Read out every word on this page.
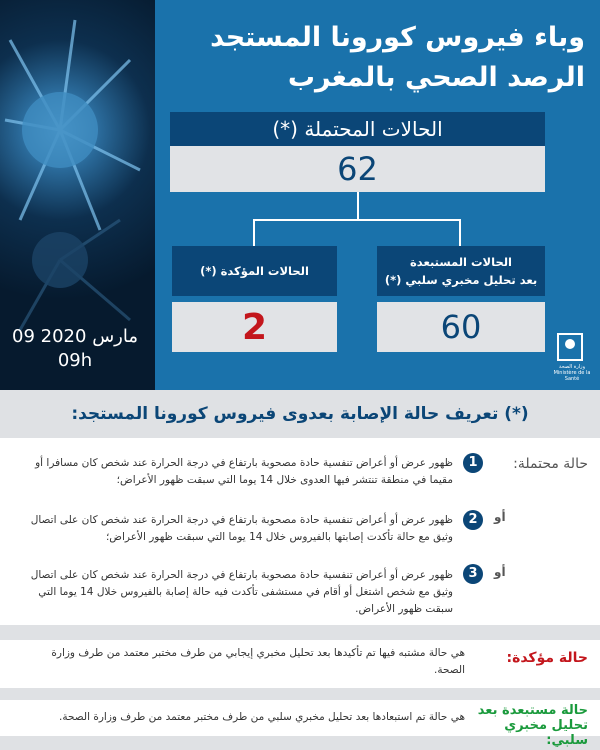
09 مارس 2020
09h
وباء فيروس كورونا المستجد
الرصد الصحي بالمغرب
الحالات المحتملة (*)
62
الحالات المستبعدة
بعد تحليل مخبري سلبي (*)
60
الحالات المؤكدة (*)
2
وزارة الصحة Ministère de la Santé
(*) تعريف حالة الإصابة بعدوى فيروس كورونا المستجد:
حالة محتملة:
1
ظهور عرض أو أعراض تنفسية حادة مصحوبة بارتفاع في درجة الحرارة عند شخص كان مسافرا أو مقيما في منطقة تنتشر فيها العدوى خلال 14 يوما التي سبقت ظهور الأعراض؛
أو
2
ظهور عرض أو أعراض تنفسية حادة مصحوبة بارتفاع في درجة الحرارة عند شخص كان على اتصال وثيق مع حالة تأكدت إصابتها بالفيروس خلال 14 يوما التي سبقت ظهور الأعراض؛
أو
3
ظهور عرض أو أعراض تنفسية حادة مصحوبة بارتفاع في درجة الحرارة عند شخص كان على اتصال وثيق مع شخص اشتغل أو أقام في مستشفى تأكدت فيه حالة إصابة بالفيروس خلال 14 يوما التي سبقت ظهور الأعراض.
حالة مؤكدة:
هي حالة مشتبه فيها تم تأكيدها بعد تحليل مخبري إيجابي من طرف مختبر معتمد من طرف وزارة الصحة.
حالة مستبعدة بعد تحليل مخبري سلبي:
هي حالة تم استبعادها بعد تحليل مخبري سلبي من طرف مختبر معتمد من طرف وزارة الصحة.
